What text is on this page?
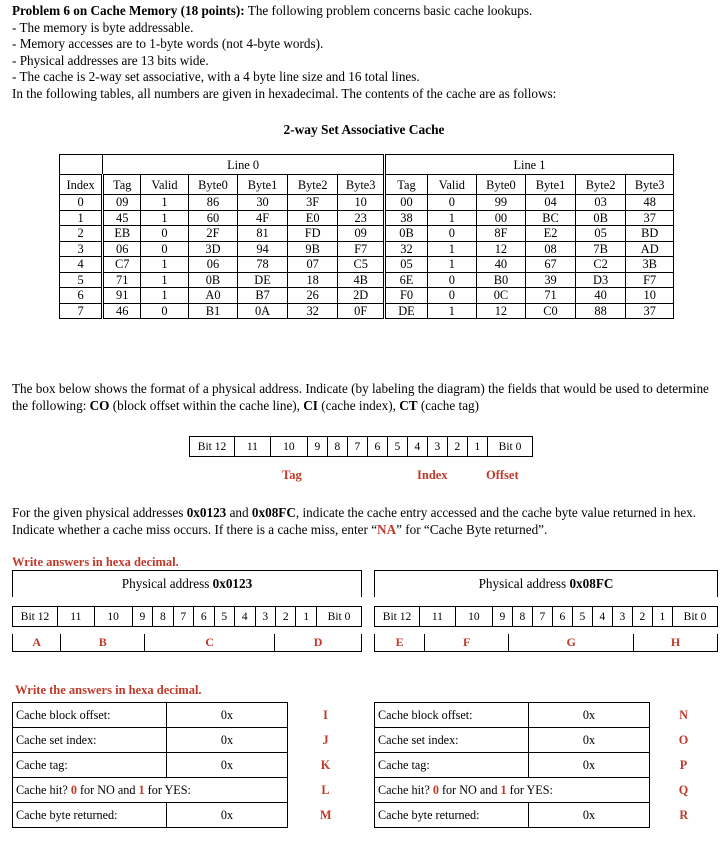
Problem 6 on Cache Memory (18 points): The following problem concerns basic cache lookups.

- The memory is byte addressable.

- Memory accesses are to 1-byte words (not 4-byte words).

- Physical addresses are 13 bits wide.

- The cache is 2-way set associative, with a 4 byte line size and 16 total lines.

In the following tables, all numbers are given in hexadecimal. The contents of the cache are as follows:

2-way Set Associative Cache
	Line 0						Line 1					
Index	Tag	Valid	Byte0	Byte1	Byte2	Byte3	Tag	Valid	Byte0	Byte1	Byte2	Byte3
0	09	1	86	30	3F	10	00	0	99	04	03	48
1	45	1	60	4F	E0	23	38	1	00	BC	0B	37
2	EB	0	2F	81	FD	09	0B	0	8F	E2	05	BD
3	06	0	3D	94	9B	F7	32	1	12	08	7B	AD
4	C7	1	06	78	07	C5	05	1	40	67	C2	3B
5	71	1	0B	DE	18	4B	6E	0	B0	39	D3	F7
6	91	1	A0	B7	26	2D	F0	0	0C	71	40	10
7	46	0	B1	0A	32	0F	DE	1	12	C0	88	37
The box below shows the format of a physical address. Indicate (by labeling the diagram) the fields that would be used to determine the following: CO (block offset within the cache line), CI (cache index), CT (cache tag)
Bit 12	11	10	9	8	7	6	5	4	3	2	1	Bit 0
Tag	Index	Offset
For the given physical addresses 0x0123 and 0x08FC, indicate the cache entry accessed and the cache byte value returned in hex. Indicate whether a cache miss occurs. If there is a cache miss, enter “NA” for “Cache Byte returned”.
Write answers in hexa decimal.
Physical address 0x0123
Bit 12	11	10	9	8	7	6	5	4	3	2	1	Bit 0
A	B	C	D
Physical address 0x08FC
Bit 12	11	10	9	8	7	6	5	4	3	2	1	Bit 0
E	F	G	H
Write the answers in hexa decimal.
Cache block offset:	0x	I
Cache set index:	0x	J
Cache tag:	0x	K
Cache hit? 0 for NO and 1 for YES:		L
Cache byte returned:	0x	M
Cache block offset:	0x	N
Cache set index:	0x	O
Cache tag:	0x	P
Cache hit? 0 for NO and 1 for YES:		Q
Cache byte returned:	0x	R
